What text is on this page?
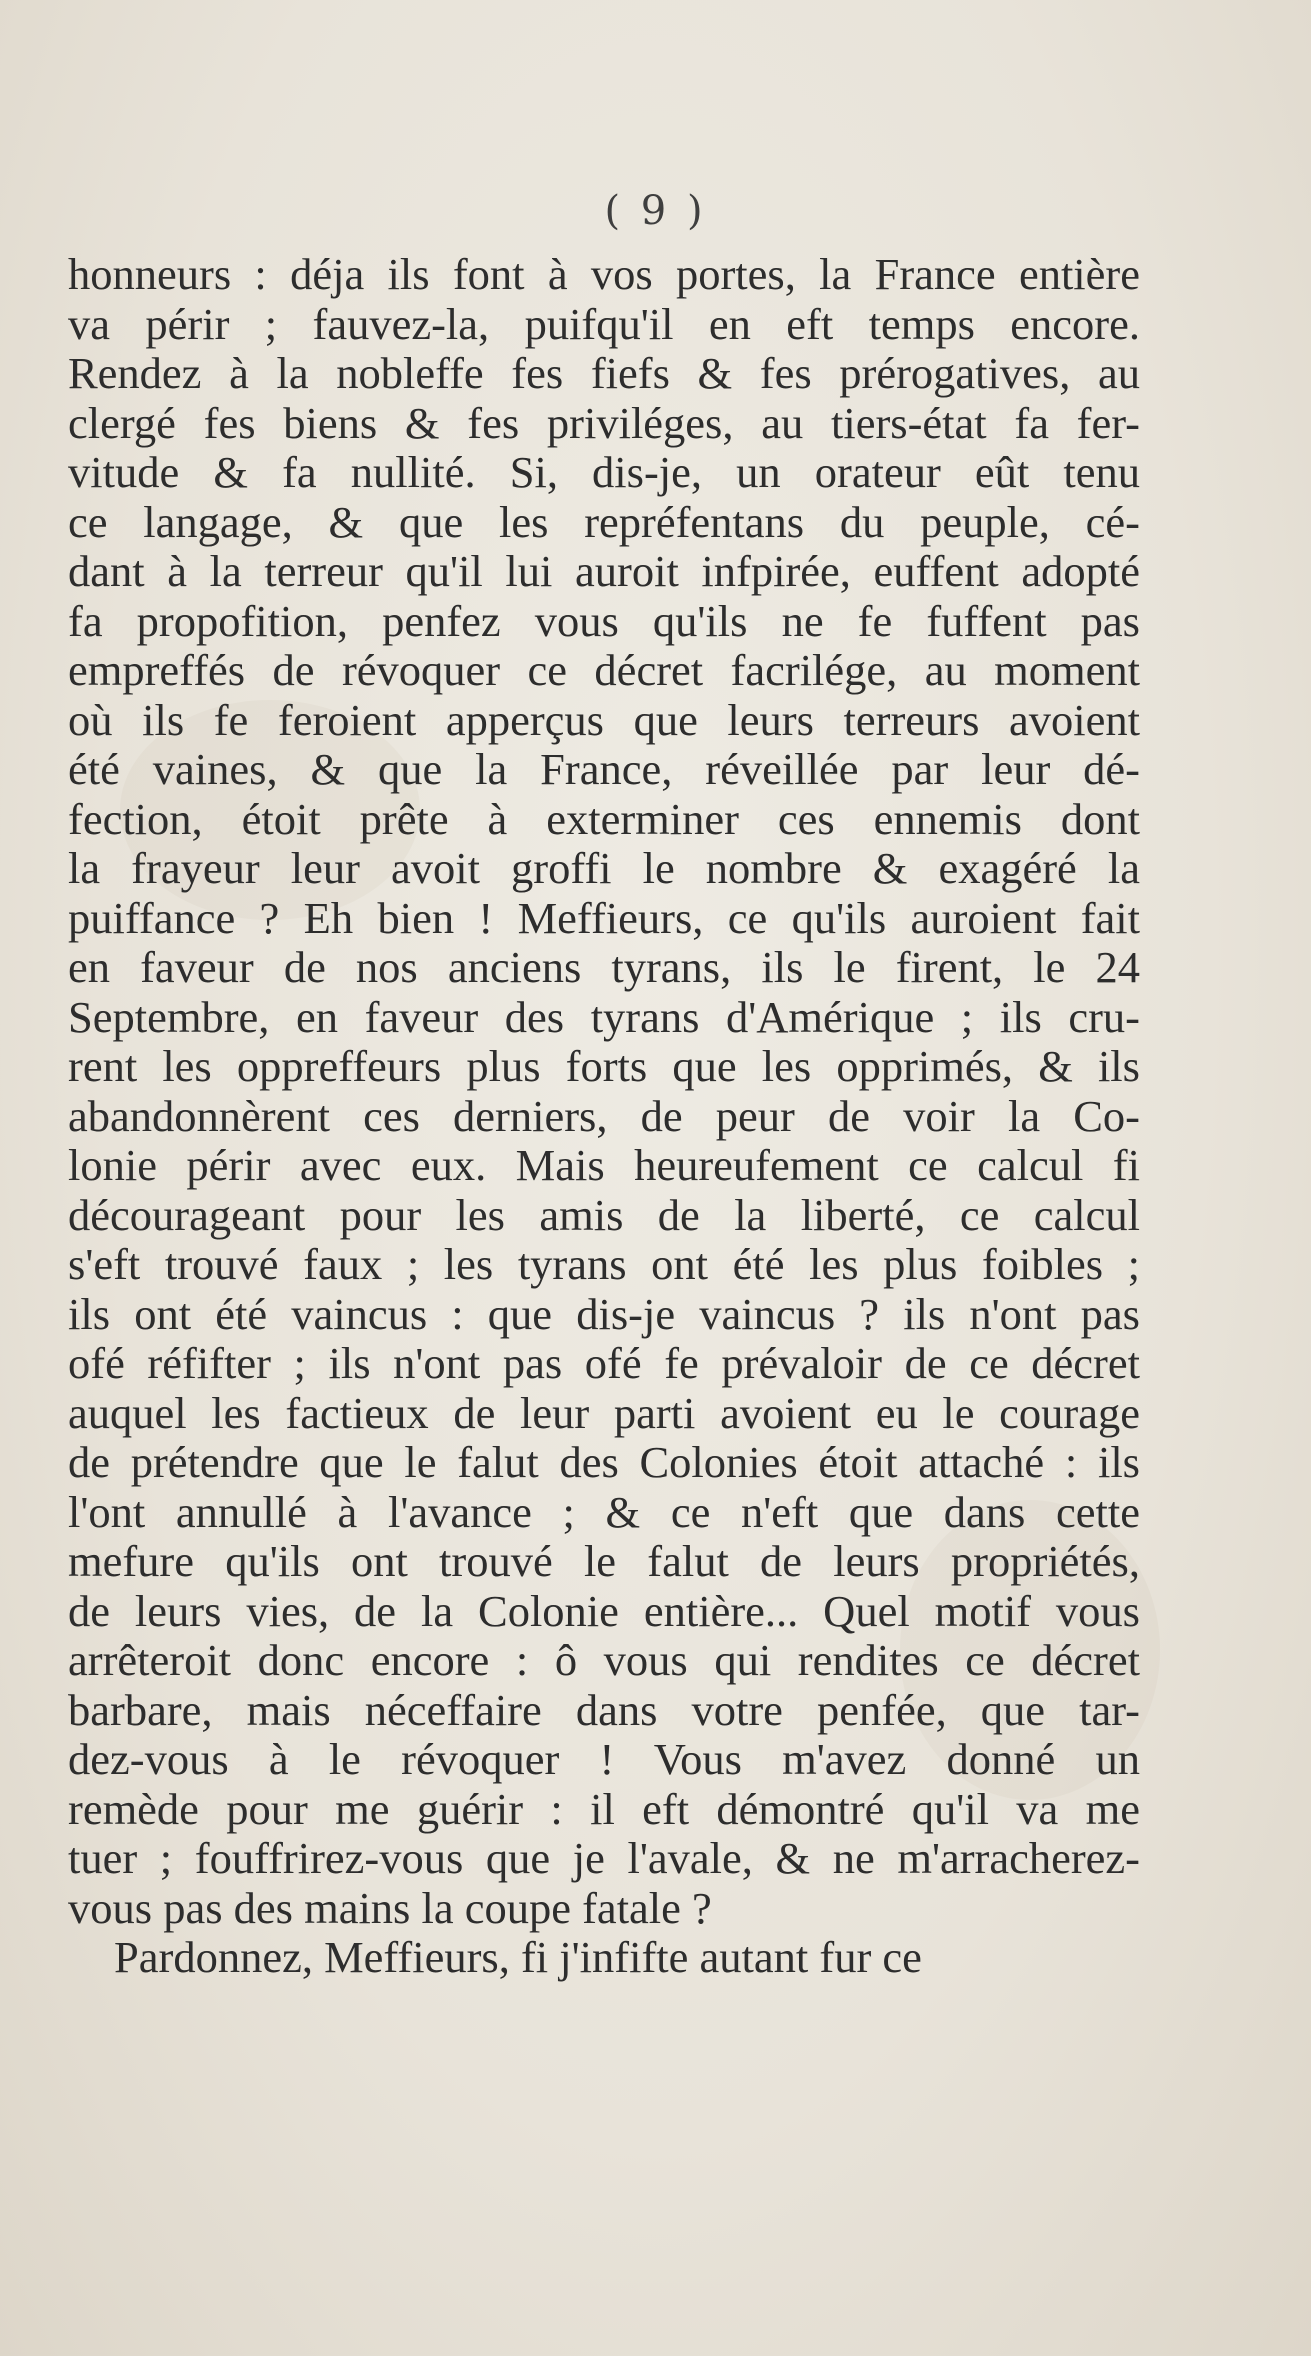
( 9 )
honneurs : déja ils font à vos portes, la France entière
va périr ; fauvez-la, puifqu'il en eft temps encore.
Rendez à la nobleffe fes fiefs & fes prérogatives, au
clergé fes biens & fes priviléges, au tiers-état fa fer-
vitude & fa nullité. Si, dis-je, un orateur eût tenu
ce langage, & que les repréfentans du peuple, cé-
dant à la terreur qu'il lui auroit infpirée, euffent adopté
fa propofition, penfez vous qu'ils ne fe fuffent pas
empreffés de révoquer ce décret facrilége, au moment
où ils fe feroient apperçus que leurs terreurs avoient
été vaines, & que la France, réveillée par leur dé-
fection, étoit prête à exterminer ces ennemis dont
la frayeur leur avoit groffi le nombre & exagéré la
puiffance ? Eh bien ! Meffieurs, ce qu'ils auroient fait
en faveur de nos anciens tyrans, ils le firent, le 24
Septembre, en faveur des tyrans d'Amérique ; ils cru-
rent les oppreffeurs plus forts que les opprimés, & ils
abandonnèrent ces derniers, de peur de voir la Co-
lonie périr avec eux. Mais heureufement ce calcul fi
décourageant pour les amis de la liberté, ce calcul
s'eft trouvé faux ; les tyrans ont été les plus foibles ;
ils ont été vaincus : que dis-je vaincus ? ils n'ont pas
ofé réfifter ; ils n'ont pas ofé fe prévaloir de ce décret
auquel les factieux de leur parti avoient eu le courage
de prétendre que le falut des Colonies étoit attaché : ils
l'ont annullé à l'avance ; & ce n'eft que dans cette
mefure qu'ils ont trouvé le falut de leurs propriétés,
de leurs vies, de la Colonie entière... Quel motif vous
arrêteroit donc encore : ô vous qui rendites ce décret
barbare, mais néceffaire dans votre penfée, que tar-
dez-vous à le révoquer ! Vous m'avez donné un
remède pour me guérir : il eft démontré qu'il va me
tuer ; fouffrirez-vous que je l'avale, & ne m'arracherez-
vous pas des mains la coupe fatale ?
Pardonnez, Meffieurs, fi j'infifte autant fur ce
